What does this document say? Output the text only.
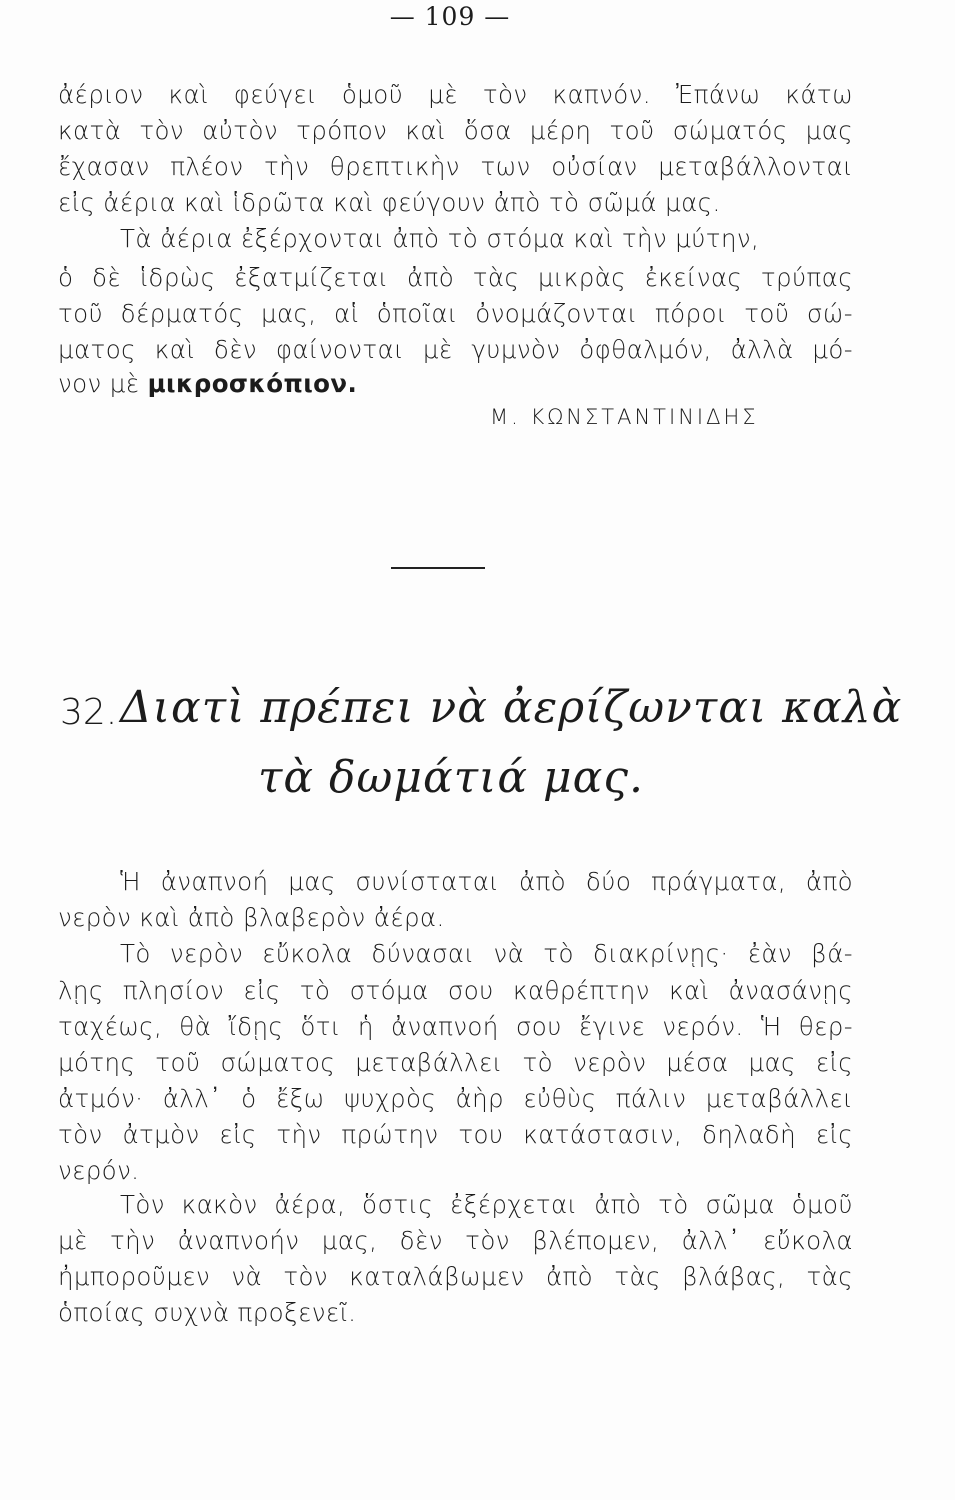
— 109 —
ἀέριον καὶ φεύγει ὁμοῦ μὲ τὸν καπνόν. Ἐπάνω κάτω
κατὰ τὸν αὐτὸν τρόπον καὶ ὅσα μέρη τοῦ σώματός μας
ἔχασαν πλέον τὴν θρεπτικὴν των οὐσίαν μεταβάλλονται
εἰς ἀέρια καὶ ἱδρῶτα καὶ φεύγουν ἀπὸ τὸ σῶμά μας.
Τὰ ἀέρια ἐξέρχονται ἀπὸ τὸ στόμα καὶ τὴν μύτην,
ὁ δὲ ἱδρὼς ἐξατμίζεται ἀπὸ τὰς μικρὰς ἐκείνας τρύπας
τοῦ δέρματός μας, αἱ ὁποῖαι ὀνομάζονται πόροι τοῦ σώ-
ματος καὶ δὲν φαίνονται μὲ γυμνὸν ὀφθαλμόν, ἀλλὰ μό-
νον μὲ μικροσκόπιον.
Μ. ΚΩΝΣΤΑΝΤΙΝΙΔΗΣ
32. Διατὶ πρέπει νὰ ἀερίζωνται καλὰ
τὰ δωμάτιά μας.
Ἡ ἀναπνοή μας συνίσταται ἀπὸ δύο πράγματα, ἀπὸ
νερὸν καὶ ἀπὸ βλαβερὸν ἀέρα.
Τὸ νερὸν εὔκολα δύνασαι νὰ τὸ διακρίνῃς· ἐὰν βά-
λῃς πλησίον εἰς τὸ στόμα σου καθρέπτην καὶ ἀνασάνῃς
ταχέως, θὰ ἴδῃς ὅτι ἡ ἀναπνοή σου ἔγινε νερόν. Ἡ θερ-
μότης τοῦ σώματος μεταβάλλει τὸ νερὸν μέσα μας εἰς
ἀτμόν· ἀλλ᾽ ὁ ἔξω ψυχρὸς ἀὴρ εὐθὺς πάλιν μεταβάλλει
τὸν ἀτμὸν εἰς τὴν πρώτην του κατάστασιν, δηλαδὴ εἰς
νερόν.
Τὸν κακὸν ἀέρα, ὅστις ἐξέρχεται ἀπὸ τὸ σῶμα ὁμοῦ
μὲ τὴν ἀναπνοήν μας, δὲν τὸν βλέπομεν, ἀλλ᾽ εὔκολα
ἠμποροῦμεν νὰ τὸν καταλάβωμεν ἀπὸ τὰς βλάβας, τὰς
ὁποίας συχνὰ προξενεῖ.
